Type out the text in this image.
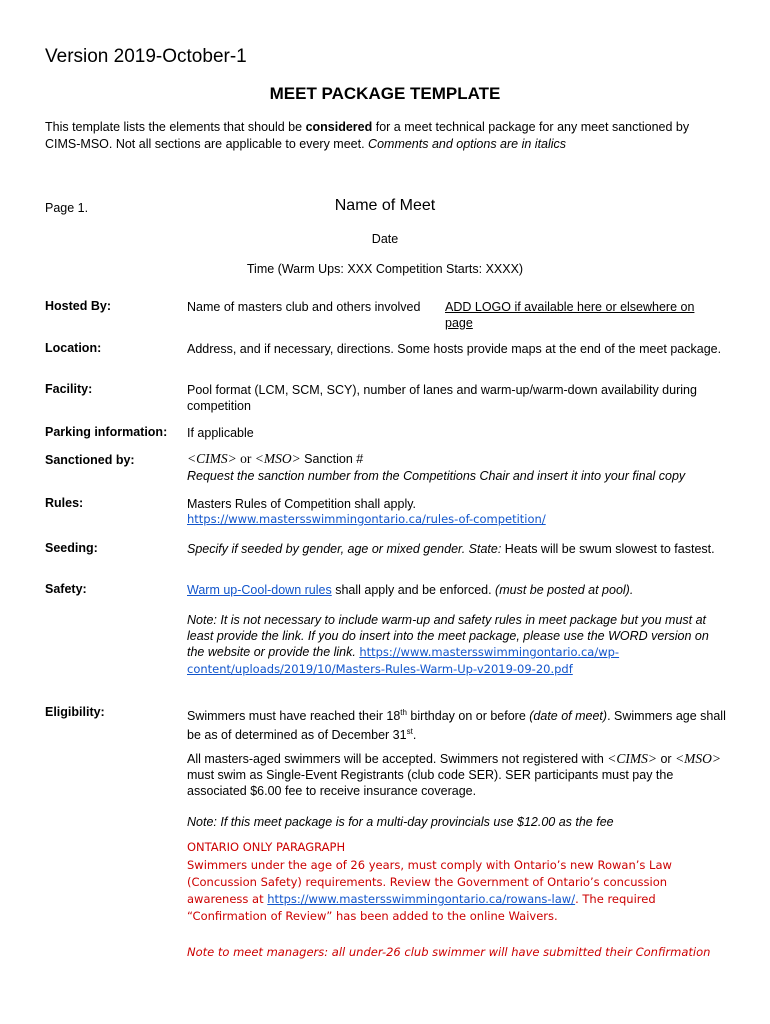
Version 2019-October-1
MEET PACKAGE TEMPLATE
This template lists the elements that should be considered for a meet technical package for any meet sanctioned by CIMS-MSO. Not all sections are applicable to every meet. Comments and options are in italics
Page 1.	Name of Meet
Date
Time (Warm Ups: XXX Competition Starts: XXXX)
Hosted By:	Name of masters club and others involved	ADD LOGO if available here or elsewhere on page
Location:	Address, and if necessary, directions. Some hosts provide maps at the end of the meet package.
Facility:	Pool format (LCM, SCM, SCY), number of lanes and warm-up/warm-down availability during competition
Parking information: If applicable
Sanctioned by:	<CIMS> or <MSO> Sanction #
Request the sanction number from the Competitions Chair and insert it into your final copy
Rules:	Masters Rules of Competition shall apply.
https://www.mastersswimmingontario.ca/rules-of-competition/
Seeding:	Specify if seeded by gender, age or mixed gender. State: Heats will be swum slowest to fastest.
Safety:	Warm up-Cool-down rules shall apply and be enforced. (must be posted at pool).
Note: It is not necessary to include warm-up and safety rules in meet package but you must at least provide the link. If you do insert into the meet package, please use the WORD version on the website or provide the link. https://www.mastersswimmingontario.ca/wp-content/uploads/2019/10/Masters-Rules-Warm-Up-v2019-09-20.pdf
Eligibility:	Swimmers must have reached their 18th birthday on or before (date of meet). Swimmers age shall be as of determined as of December 31st.
All masters-aged swimmers will be accepted. Swimmers not registered with <CIMS> or <MSO> must swim as Single-Event Registrants (club code SER). SER participants must pay the associated $6.00 fee to receive insurance coverage.
Note: If this meet package is for a multi-day provincials use $12.00 as the fee
ONTARIO ONLY PARAGRAPH
Swimmers under the age of 26 years, must comply with Ontario’s new Rowan’s Law (Concussion Safety) requirements. Review the Government of Ontario’s concussion awareness at https://www.mastersswimmingontario.ca/rowans-law/. The required “Confirmation of Review” has been added to the online Waivers.
Note to meet managers: all under-26 club swimmer will have submitted their Confirmation
